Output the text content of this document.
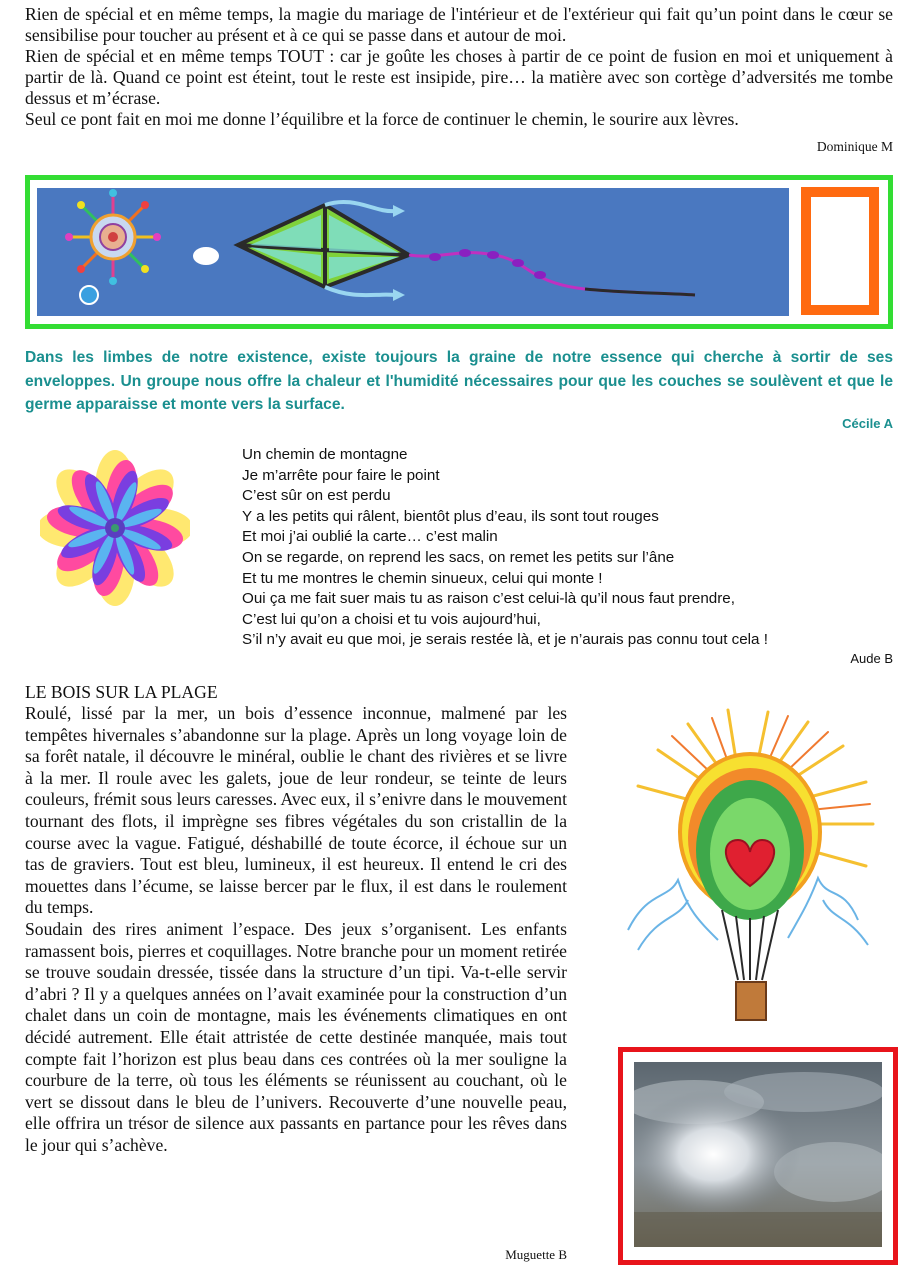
Rien de spécial et en même temps, la magie du mariage de l'intérieur et de l'extérieur qui fait qu’un point dans le cœur se sensibilise pour toucher au présent et à ce qui se passe dans et autour de moi.

Rien de spécial et en même temps TOUT : car je goûte les choses à partir de ce point de fusion en moi et uniquement à partir de là. Quand ce point est éteint, tout le reste est insipide, pire… la matière avec son cortège d’adversités me tombe dessus et m’écrase.

Seul ce pont fait en moi me donne l’équilibre et la force de continuer le chemin, le sourire aux lèvres.

Dominique M
Dans les limbes de notre existence, existe toujours la graine de notre essence qui cherche à sortir de ses enveloppes. Un groupe nous offre la chaleur et l'humidité nécessaires pour que les couches se soulèvent et que le germe apparaisse et monte vers la surface.
Cécile A

Un chemin de montagne

Je m’arrête pour faire le point

C’est sûr on est perdu

Y a les petits qui râlent, bientôt plus d’eau, ils sont tout rouges

Et moi j’ai oublié la carte… c’est malin

On se regarde, on reprend les sacs, on remet les petits sur l’âne

Et tu me montres le chemin sinueux, celui qui monte !

Oui ça me fait suer mais tu as raison c’est celui-là qu’il nous faut prendre,

C’est lui qu’on a choisi et tu vois aujourd’hui,

S’il n’y avait eu que moi, je serais restée là, et je n’aurais pas connu tout cela !

Aude B
LE BOIS SUR LA PLAGE

Roulé, lissé par la mer, un bois d’essence inconnue, malmené par les tempêtes hivernales s’abandonne sur la plage. Après un long voyage loin de sa forêt natale, il découvre le minéral, oublie le chant des rivières et se livre à la mer. Il roule avec les galets, joue de leur rondeur, se teinte de leurs couleurs, frémit sous leurs caresses. Avec eux, il s’enivre dans le mouvement tournant des flots, il imprègne ses fibres végétales du son cristallin de la course avec la vague. Fatigué, déshabillé de toute écorce, il échoue sur un tas de graviers. Tout est bleu, lumineux, il est heureux. Il entend le cri des mouettes dans l’écume, se laisse bercer par le flux, il est dans le roulement du temps.

Soudain des rires animent l’espace. Des jeux s’organisent. Les enfants ramassent bois, pierres et coquillages. Notre branche pour un moment retirée se trouve soudain dressée, tissée dans la structure d’un tipi. Va-t-elle servir d’abri ? Il y a quelques années on l’avait examinée pour la construction d’un chalet dans un coin de montagne, mais les événements climatiques en ont décidé autrement. Elle était attristée de cette destinée manquée, mais tout compte fait l’horizon est plus beau dans ces contrées où la mer souligne la courbure de la terre, où tous les éléments se réunissent au couchant, où le vert se dissout dans le bleu de l’univers. Recouverte d’une nouvelle peau, elle offrira un trésor de silence aux passants en partance pour les rêves dans le jour qui s’achève.

Muguette B
